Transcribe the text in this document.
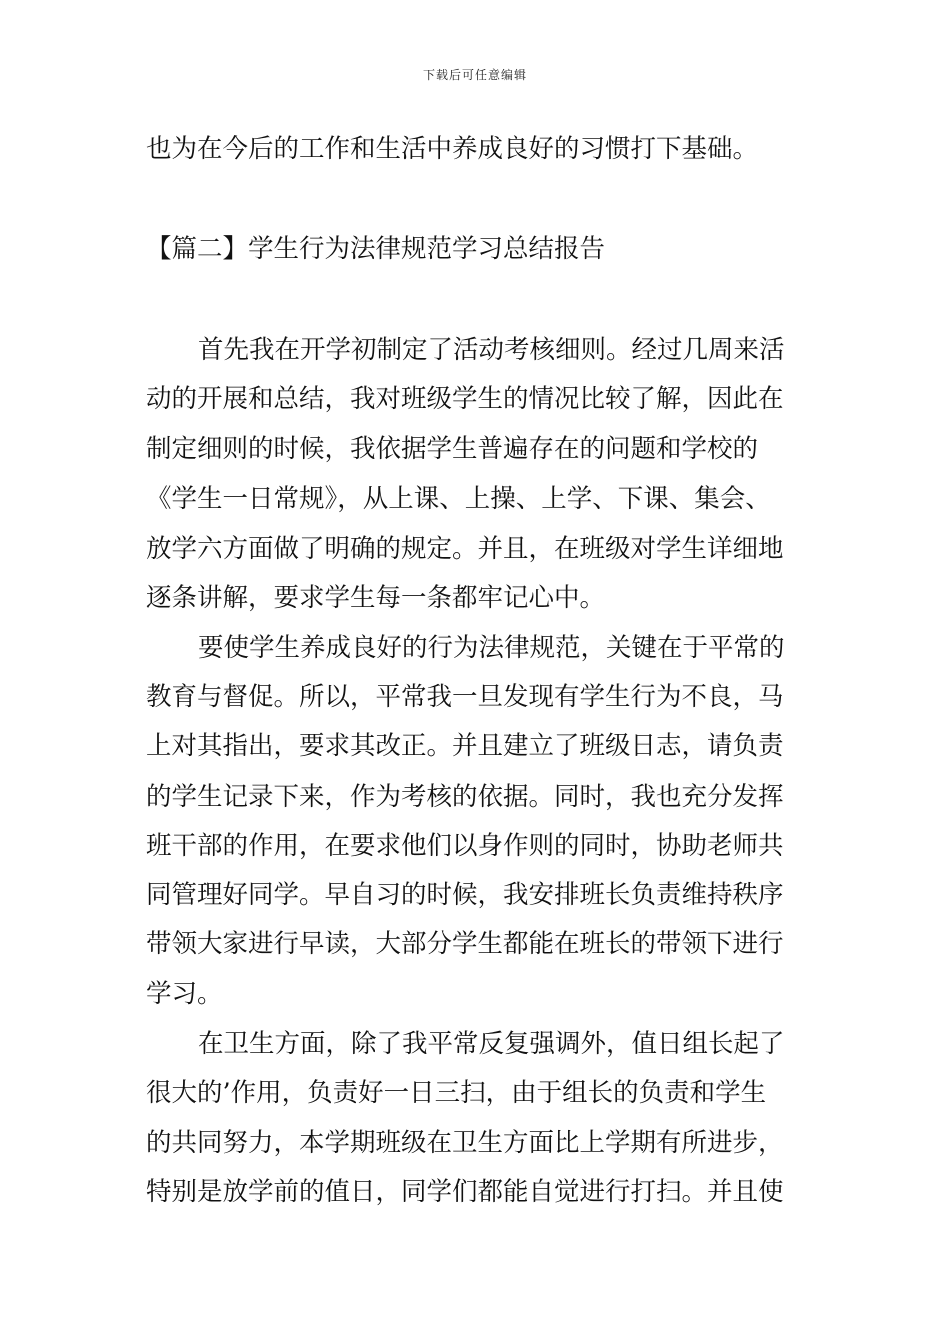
下载后可任意编辑
也为在今后的工作和生活中养成良好的习惯打下基础。
【篇二】学生行为法律规范学习总结报告
首先我在开学初制定了活动考核细则。经过几周来活
动的开展和总结，我对班级学生的情况比较了解，因此在
制定细则的时候，我依据学生普遍存在的问题和学校的
《学生一日常规》，从上课、上操、上学、下课、集会、
放学六方面做了明确的规定。并且，在班级对学生详细地
逐条讲解，要求学生每一条都牢记心中。
要使学生养成良好的行为法律规范，关键在于平常的
教育与督促。所以，平常我一旦发现有学生行为不良，马
上对其指出，要求其改正。并且建立了班级日志，请负责
的学生记录下来，作为考核的依据。同时，我也充分发挥
班干部的作用，在要求他们以身作则的同时，协助老师共
同管理好同学。早自习的时候，我安排班长负责维持秩序
带领大家进行早读，大部分学生都能在班长的带领下进行
学习。
在卫生方面，除了我平常反复强调外，值日组长起了
很大的’作用，负责好一日三扫，由于组长的负责和学生
的共同努力，本学期班级在卫生方面比上学期有所进步，
特别是放学前的值日，同学们都能自觉进行打扫。并且使
